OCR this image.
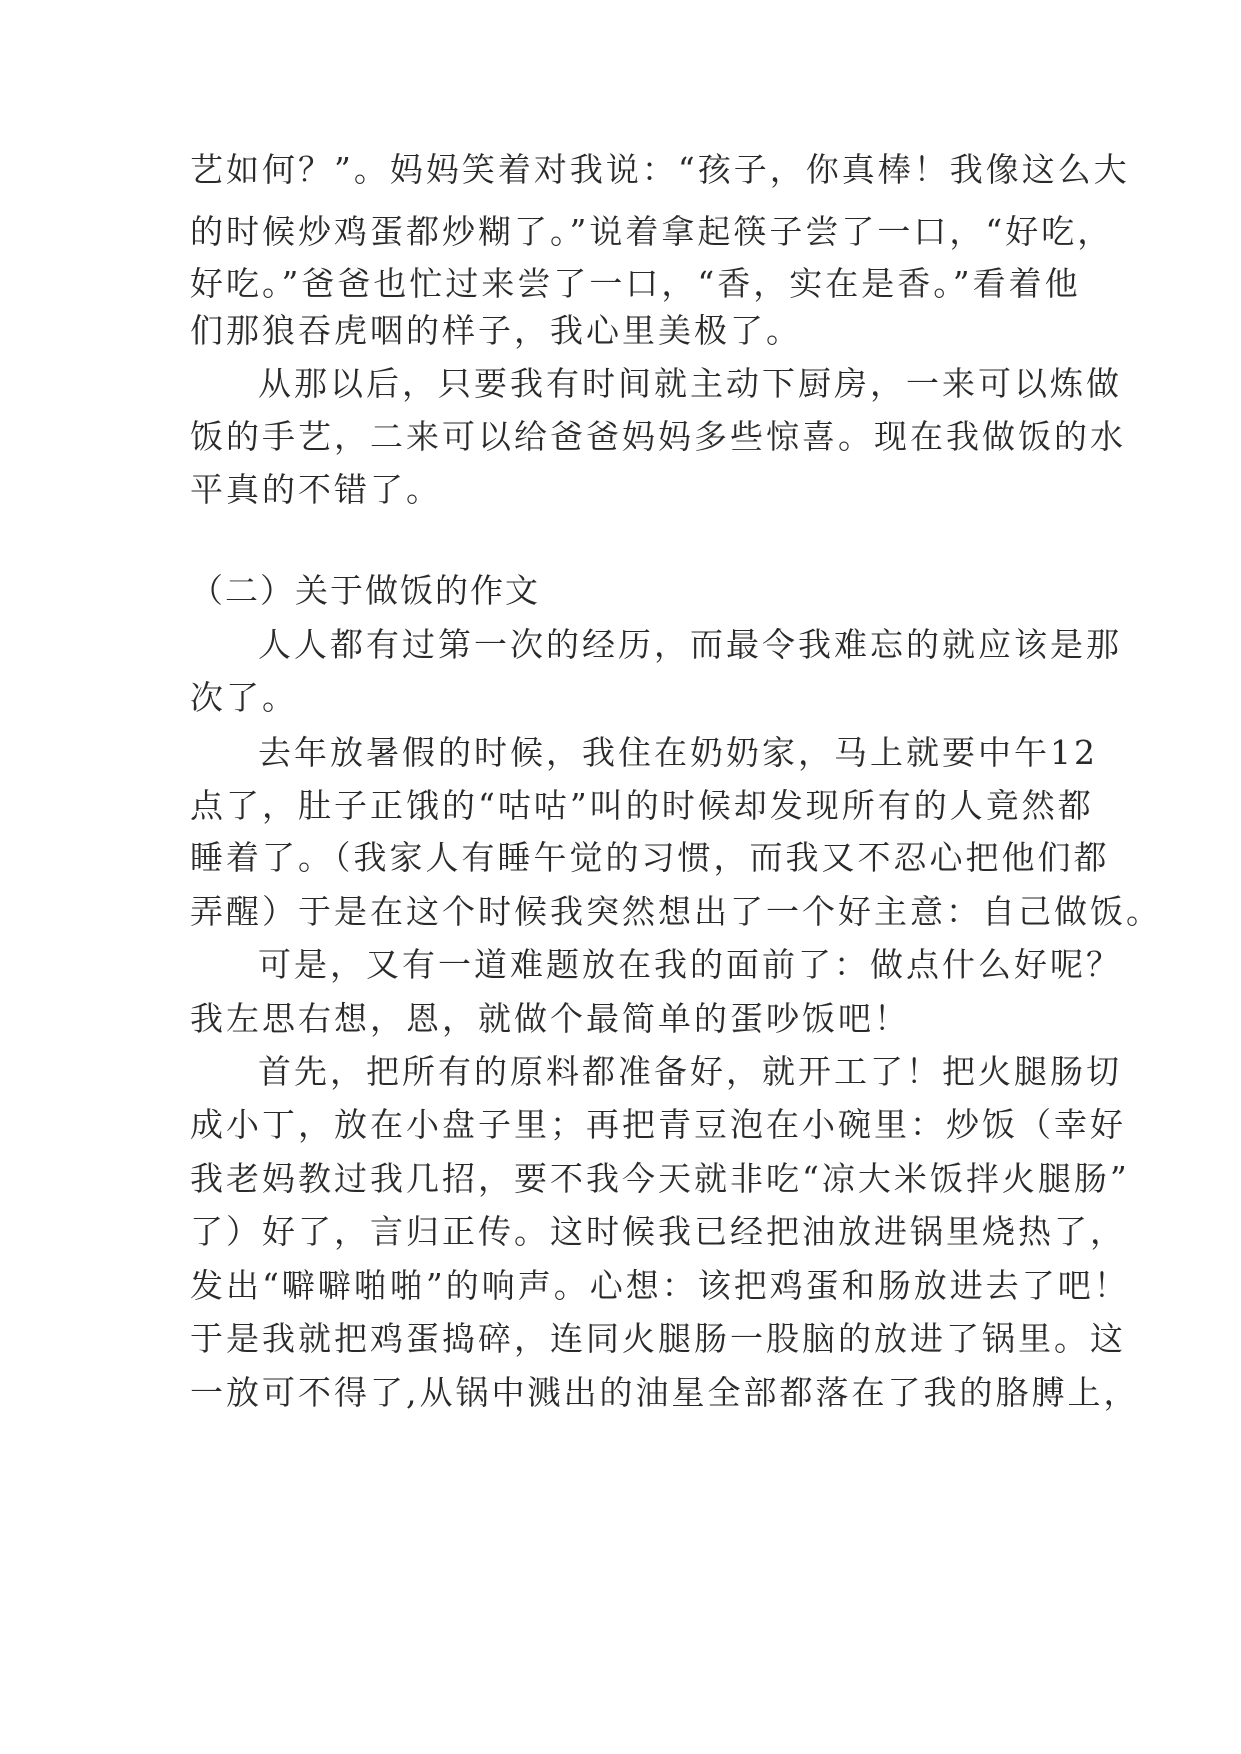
艺如何？”。妈妈笑着对我说：“孩子，你真棒！我像这么大
的时候炒鸡蛋都炒糊了。”说着拿起筷子尝了一口，“好吃，
好吃。”爸爸也忙过来尝了一口，“香，实在是香。”看着他
们那狼吞虎咽的样子，我心里美极了。
从那以后，只要我有时间就主动下厨房，一来可以炼做
饭的手艺，二来可以给爸爸妈妈多些惊喜。现在我做饭的水
平真的不错了。
（二）关于做饭的作文
人人都有过第一次的经历，而最令我难忘的就应该是那
次了。
去年放暑假的时候，我住在奶奶家，马上就要中午12
点了，肚子正饿的“咕咕”叫的时候却发现所有的人竟然都
睡着了。（我家人有睡午觉的习惯，而我又不忍心把他们都
弄醒）于是在这个时候我突然想出了一个好主意：自己做饭。
可是，又有一道难题放在我的面前了：做点什么好呢？
我左思右想，恩，就做个最简单的蛋吵饭吧！
首先，把所有的原料都准备好，就开工了！把火腿肠切
成小丁，放在小盘子里；再把青豆泡在小碗里：炒饭（幸好
我老妈教过我几招，要不我今天就非吃“凉大米饭拌火腿肠”
了）好了，言归正传。这时候我已经把油放进锅里烧热了，
发出“噼噼啪啪”的响声。心想：该把鸡蛋和肠放进去了吧！
于是我就把鸡蛋捣碎，连同火腿肠一股脑的放进了锅里。这
一放可不得了,从锅中溅出的油星全部都落在了我的胳膊上，
